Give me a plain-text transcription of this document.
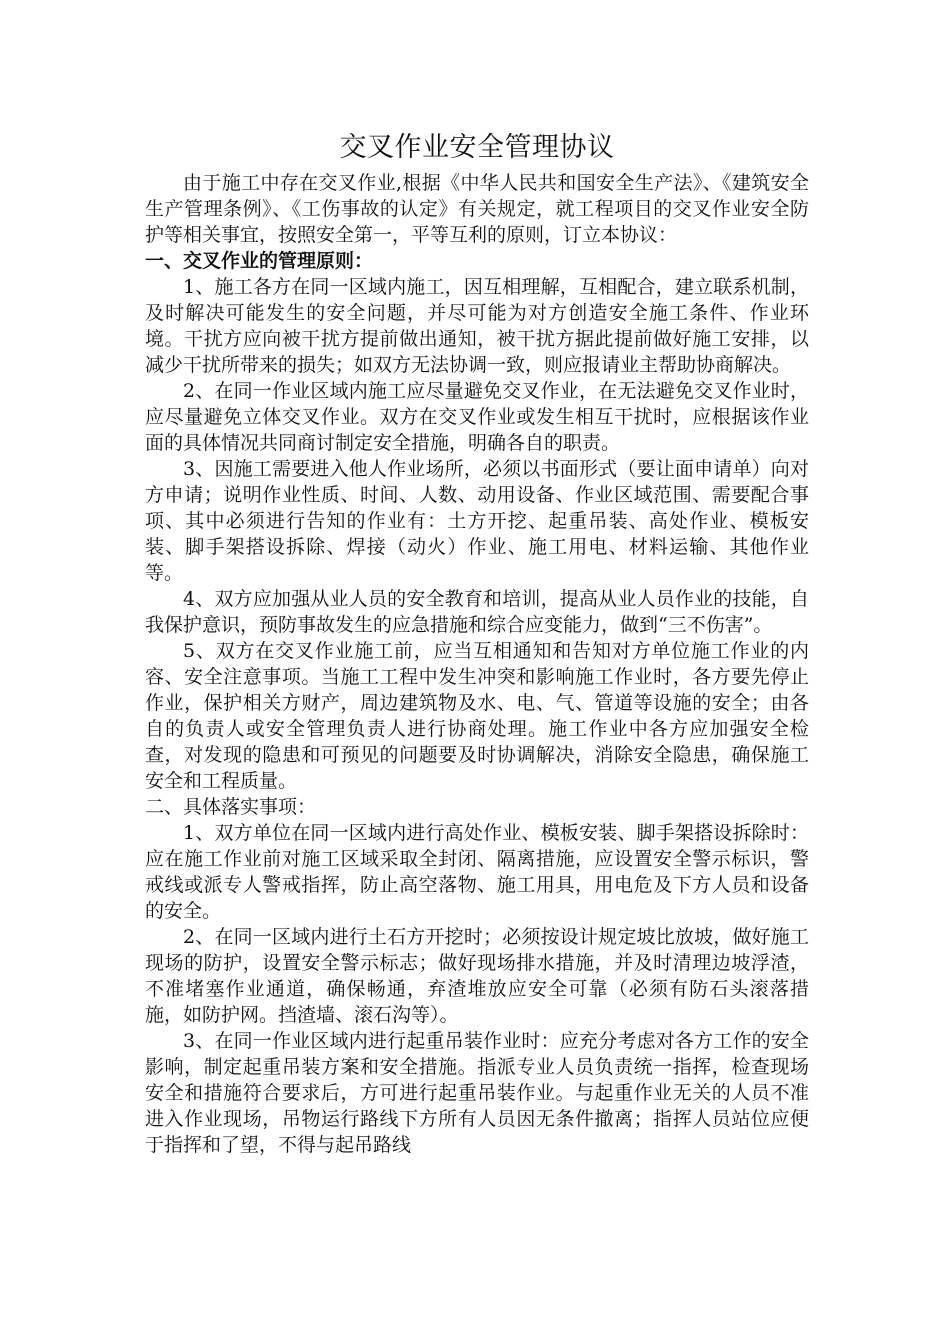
交叉作业安全管理协议

由于施工中存在交叉作业,根据《中华人民共和国安全生产法》、《建筑安全生产管理条例》、《工伤事故的认定》有关规定，就工程项目的交叉作业安全防护等相关事宜，按照安全第一，平等互利的原则，订立本协议：

一、交叉作业的管理原则：

1、施工各方在同一区域内施工，因互相理解，互相配合，建立联系机制，及时解决可能发生的安全问题，并尽可能为对方创造安全施工条件、作业环境。干扰方应向被干扰方提前做出通知，被干扰方据此提前做好施工安排，以减少干扰所带来的损失；如双方无法协调一致，则应报请业主帮助协商解决。

2、在同一作业区域内施工应尽量避免交叉作业，在无法避免交叉作业时，应尽量避免立体交叉作业。双方在交叉作业或发生相互干扰时，应根据该作业面的具体情况共同商讨制定安全措施，明确各自的职责。

3、因施工需要进入他人作业场所，必须以书面形式（要让面申请单）向对方申请；说明作业性质、时间、人数、动用设备、作业区域范围、需要配合事项、其中必须进行告知的作业有：土方开挖、起重吊装、高处作业、模板安装、脚手架搭设拆除、焊接（动火）作业、施工用电、材料运输、其他作业等。

4、双方应加强从业人员的安全教育和培训，提高从业人员作业的技能，自我保护意识，预防事故发生的应急措施和综合应变能力，做到“三不伤害”。

5、双方在交叉作业施工前，应当互相通知和告知对方单位施工作业的内容、安全注意事项。当施工工程中发生冲突和影响施工作业时，各方要先停止作业，保护相关方财产，周边建筑物及水、电、气、管道等设施的安全；由各自的负责人或安全管理负责人进行协商处理。施工作业中各方应加强安全检查，对发现的隐患和可预见的问题要及时协调解决，消除安全隐患，确保施工安全和工程质量。

二、具体落实事项：

1、双方单位在同一区域内进行高处作业、模板安装、脚手架搭设拆除时：应在施工作业前对施工区域采取全封闭、隔离措施，应设置安全警示标识，警戒线或派专人警戒指挥，防止高空落物、施工用具，用电危及下方人员和设备的安全。

2、在同一区域内进行土石方开挖时；必须按设计规定坡比放坡，做好施工现场的防护，设置安全警示标志；做好现场排水措施，并及时清理边坡浮渣，不准堵塞作业通道，确保畅通，弃渣堆放应安全可靠（必须有防石头滚落措施，如防护网。挡渣墙、滚石沟等）。

3、在同一作业区域内进行起重吊装作业时：应充分考虑对各方工作的安全影响，制定起重吊装方案和安全措施。指派专业人员负责统一指挥，检查现场安全和措施符合要求后，方可进行起重吊装作业。与起重作业无关的人员不准进入作业现场，吊物运行路线下方所有人员因无条件撤离；指挥人员站位应便于指挥和了望，不得与起吊路线
